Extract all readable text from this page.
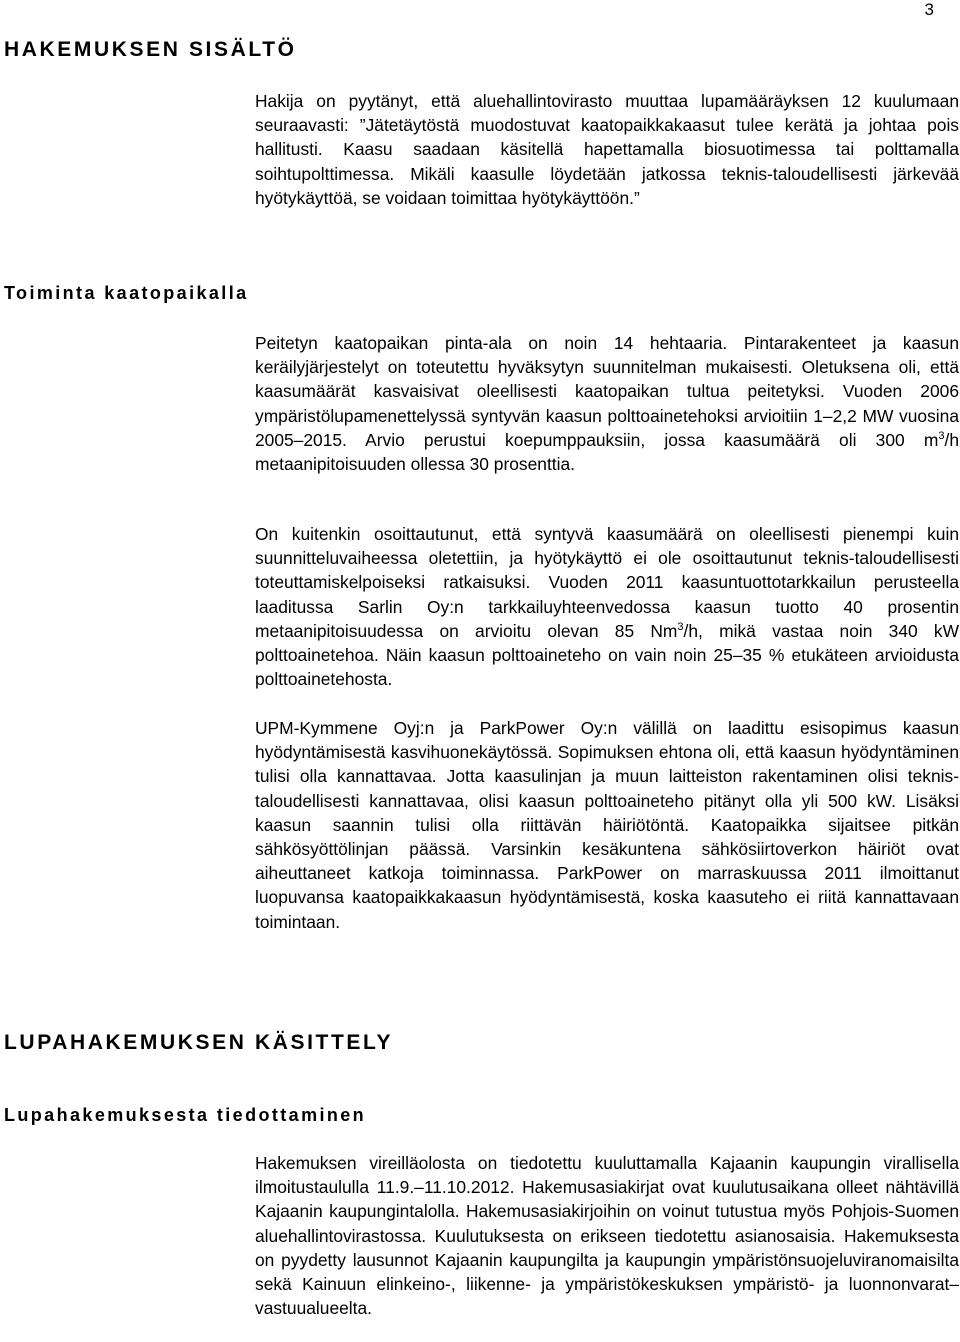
3
HAKEMUKSEN SISÄLTÖ

Hakija on pyytänyt, että aluehallintovirasto muuttaa lupamääräyksen 12 kuulumaan seuraavasti: ”Jätetäytöstä muodostuvat kaatopaikkakaasut tulee kerätä ja johtaa pois hallitusti. Kaasu saadaan käsitellä hapettamalla biosuotimessa tai polttamalla soihtupolttimessa. Mikäli kaasulle löydetään jatkossa teknis-taloudellisesti järkevää hyötykäyttöä, se voidaan toimittaa hyötykäyttöön.”

Toiminta kaatopaikalla

Peitetyn kaatopaikan pinta-ala on noin 14 hehtaaria. Pintarakenteet ja kaasun keräilyjärjestelyt on toteutettu hyväksytyn suunnitelman mukaisesti. Oletuksena oli, että kaasumäärät kasvaisivat oleellisesti kaatopaikan tultua peitetyksi. Vuoden 2006 ympäristölupamenettelyssä syntyvän kaasun polttoainetehoksi arvioitiin 1–2,2 MW vuosina 2005–2015. Arvio perustui koepumppauksiin, jossa kaasumäärä oli 300 $m^3/h$ metaanipitoisuuden ollessa 30 prosenttia.

On kuitenkin osoittautunut, että syntyvä kaasumäärä on oleellisesti pienempi kuin suunnitteluvaiheessa oletettiin, ja hyötykäyttö ei ole osoittautunut teknis-taloudellisesti toteuttamiskelpoiseksi ratkaisuksi. Vuoden 2011 kaasuntuottotarkkailun perusteella laaditussa Sarlin Oy:n tarkkailuyhteenvedossa kaasun tuotto 40 prosentin metaanipitoisuudessa on arvioitu olevan 85 Nm$^3$/h, mikä vastaa noin 340 kW polttoainetehoa. Näin kaasun polttoaineteho on vain noin 25–35 % etukäteen arvioidusta polttoainetehosta.

UPM-Kymmene Oyj:n ja ParkPower Oy:n välillä on laadittu esisopimus kaasun hyödyntämisestä kasvihuonekäytössä. Sopimuksen ehtona oli, että kaasun hyödyntäminen tulisi olla kannattavaa. Jotta kaasulinjan ja muun laitteiston rakentaminen olisi teknis-taloudellisesti kannattavaa, olisi kaasun polttoaineteho pitänyt olla yli 500 kW. Lisäksi kaasun saannin tulisi olla riittävän häiriötöntä. Kaatopaikka sijaitsee pitkän sähkösyöttölinjan päässä. Varsinkin kesäkuntena sähkösiirtoverkon häiriöt ovat aiheuttaneet katkoja toiminnassa. ParkPower on marraskuussa 2011 ilmoittanut luopuvansa kaatopaikkakaasun hyödyntämisestä, koska kaasuteho ei riitä kannattavaan toimintaan.

LUPAHAKEMUKSEN KÄSITTELY
Lupahakemuksesta tiedottaminen

Hakemuksen vireilläolosta on tiedotettu kuuluttamalla Kajaanin kaupungin virallisella ilmoitustaululla 11.9.–11.10.2012. Hakemusasiakirjat ovat kuulutusaikana olleet nähtävillä Kajaanin kaupungintalolla. Hakemusasiakirjoihin on voinut tutustua myös Pohjois-Suomen aluehallintovirastossa. Kuulutuksesta on erikseen tiedotettu asianosaisia. Hakemuksesta on pyydetty lausunnot Kajaanin kaupungilta ja kaupungin ympäristönsuojeluviranomaisilta sekä Kainuun elinkeino-, liikenne- ja ympäristökeskuksen ympäristö- ja luonnonvarat–vastuualueelta.
